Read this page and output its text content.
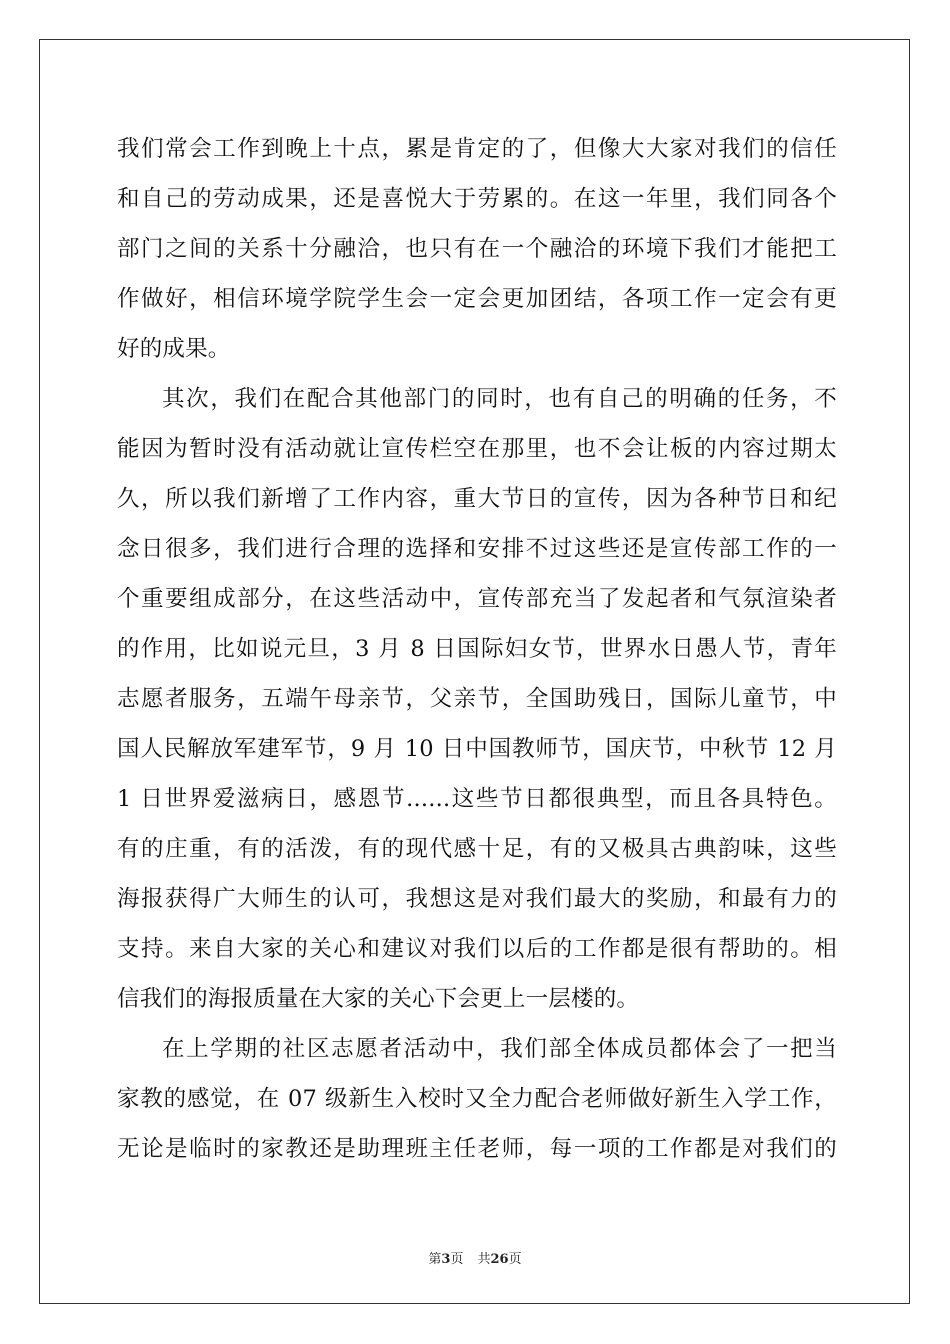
我们常会工作到晚上十点，累是肯定的了，但像大大家对我们的信任
和自己的劳动成果，还是喜悦大于劳累的。在这一年里，我们同各个
部门之间的关系十分融洽，也只有在一个融洽的环境下我们才能把工
作做好，相信环境学院学生会一定会更加团结，各项工作一定会有更
好的成果。
其次，我们在配合其他部门的同时，也有自己的明确的任务，不
能因为暂时没有活动就让宣传栏空在那里，也不会让板的内容过期太
久，所以我们新增了工作内容，重大节日的宣传，因为各种节日和纪
念日很多，我们进行合理的选择和安排不过这些还是宣传部工作的一
个重要组成部分，在这些活动中，宣传部充当了发起者和气氛渲染者
的作用，比如说元旦，3 月 8 日国际妇女节，世界水日愚人节，青年
志愿者服务，五端午母亲节，父亲节，全国助残日，国际儿童节，中
国人民解放军建军节，9 月 10 日中国教师节，国庆节，中秋节 12 月
1 日世界爱滋病日，感恩节......这些节日都很典型，而且各具特色。
有的庄重，有的活泼，有的现代感十足，有的又极具古典韵味，这些
海报获得广大师生的认可，我想这是对我们最大的奖励，和最有力的
支持。来自大家的关心和建议对我们以后的工作都是很有帮助的。相
信我们的海报质量在大家的关心下会更上一层楼的。
在上学期的社区志愿者活动中，我们部全体成员都体会了一把当
家教的感觉，在 07 级新生入校时又全力配合老师做好新生入学工作，
无论是临时的家教还是助理班主任老师，每一项的工作都是对我们的
第3页 共26页
